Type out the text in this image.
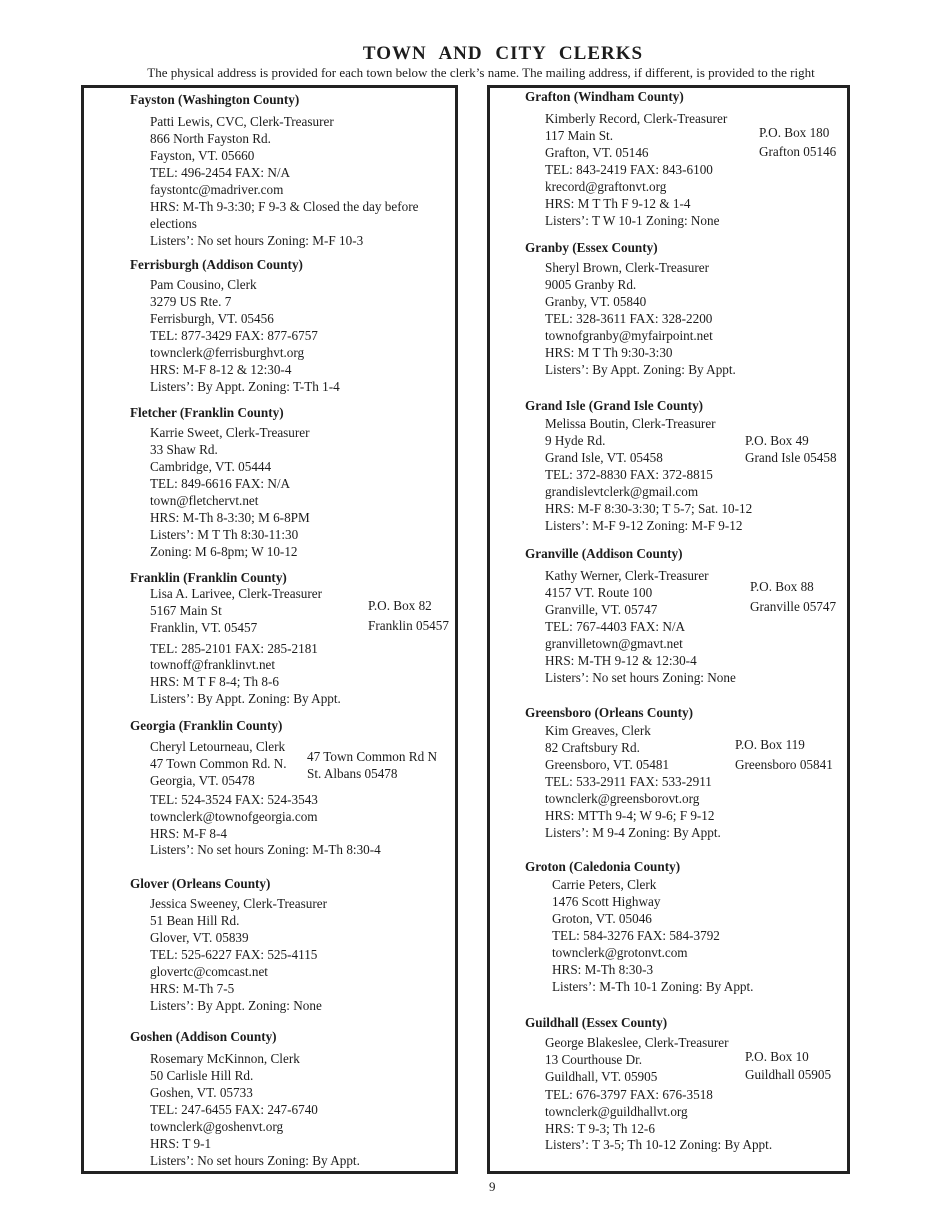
TOWN AND CITY CLERKS

The physical address is provided for each town below the clerk’s name. The mailing address, if different, is provided to the right

Fayston (Washington County)
Patti Lewis, CVC, Clerk-Treasurer
866 North Fayston Rd.
Fayston, VT. 05660
TEL: 496-2454 FAX: N/A
faystontc@madriver.com
HRS: M-Th 9-3:30; F 9-3 & Closed the day before
elections
Listers’: No set hours Zoning: M-F 10-3
Ferrisburgh (Addison County)
Pam Cousino, Clerk
3279 US Rte. 7
Ferrisburgh, VT. 05456
TEL: 877-3429 FAX: 877-6757
townclerk@ferrisburghvt.org
HRS: M-F 8-12 & 12:30-4
Listers’: By Appt. Zoning: T-Th 1-4
Fletcher (Franklin County)
Karrie Sweet, Clerk-Treasurer
33 Shaw Rd.
Cambridge, VT. 05444
TEL: 849-6616 FAX: N/A
town@fletchervt.net
HRS: M-Th 8-3:30; M 6-8PM
Listers’: M T Th 8:30-11:30
Zoning: M 6-8pm; W 10-12
Franklin (Franklin County)
Lisa A. Larivee, Clerk-Treasurer
5167 Main St
Franklin, VT. 05457
TEL: 285-2101 FAX: 285-2181
townoff@franklinvt.net
HRS: M T F 8-4; Th 8-6
Listers’: By Appt. Zoning: By Appt.
P.O. Box 82
Franklin 05457
Georgia (Franklin County)
Cheryl Letourneau, Clerk
47 Town Common Rd. N.
Georgia, VT. 05478
TEL: 524-3524 FAX: 524-3543
townclerk@townofgeorgia.com
HRS: M-F 8-4
Listers’: No set hours Zoning: M-Th 8:30-4
47 Town Common Rd N
St. Albans 05478
Glover (Orleans County)
Jessica Sweeney, Clerk-Treasurer
51 Bean Hill Rd.
Glover, VT. 05839
TEL: 525-6227 FAX: 525-4115
glovertc@comcast.net
HRS: M-Th 7-5
Listers’: By Appt. Zoning: None
Goshen (Addison County)
Rosemary McKinnon, Clerk
50 Carlisle Hill Rd.
Goshen, VT. 05733
TEL: 247-6455 FAX: 247-6740
townclerk@goshenvt.org
HRS: T 9-1
Listers’: No set hours Zoning: By Appt.
Grafton (Windham County)
Kimberly Record, Clerk-Treasurer
117 Main St.
Grafton, VT. 05146
TEL: 843-2419 FAX: 843-6100
krecord@graftonvt.org
HRS: M T Th F 9-12 & 1-4
Listers’: T W 10-1 Zoning: None
P.O. Box 180
Grafton 05146
Granby (Essex County)
Sheryl Brown, Clerk-Treasurer
9005 Granby Rd.
Granby, VT. 05840
TEL: 328-3611 FAX: 328-2200
townofgranby@myfairpoint.net
HRS: M T Th 9:30-3:30
Listers’: By Appt. Zoning: By Appt.
Grand Isle (Grand Isle County)
Melissa Boutin, Clerk-Treasurer
9 Hyde Rd.
Grand Isle, VT. 05458
TEL: 372-8830 FAX: 372-8815
grandislevtclerk@gmail.com
HRS: M-F 8:30-3:30; T 5-7; Sat. 10-12
Listers’: M-F 9-12 Zoning: M-F 9-12
P.O. Box 49
Grand Isle 05458
Granville (Addison County)
Kathy Werner, Clerk-Treasurer
4157 VT. Route 100
Granville, VT. 05747
TEL: 767-4403 FAX: N/A
granvilletown@gmavt.net
HRS: M-TH 9-12 & 12:30-4
Listers’: No set hours Zoning: None
P.O. Box 88
Granville 05747
Greensboro (Orleans County)
Kim Greaves, Clerk
82 Craftsbury Rd.
Greensboro, VT. 05481
TEL: 533-2911 FAX: 533-2911
townclerk@greensborovt.org
HRS: MTTh 9-4; W 9-6; F 9-12
Listers’: M 9-4 Zoning: By Appt.
P.O. Box 119
Greensboro 05841
Groton (Caledonia County)
Carrie Peters, Clerk
1476 Scott Highway
Groton, VT. 05046
TEL: 584-3276 FAX: 584-3792
townclerk@grotonvt.com
HRS: M-Th 8:30-3
Listers’: M-Th 10-1 Zoning: By Appt.
Guildhall (Essex County)
George Blakeslee, Clerk-Treasurer
13 Courthouse Dr.
Guildhall, VT. 05905
TEL: 676-3797 FAX: 676-3518
townclerk@guildhallvt.org
HRS: T 9-3; Th 12-6
Listers’: T 3-5; Th 10-12 Zoning: By Appt.
P.O. Box 10
Guildhall 05905
9
